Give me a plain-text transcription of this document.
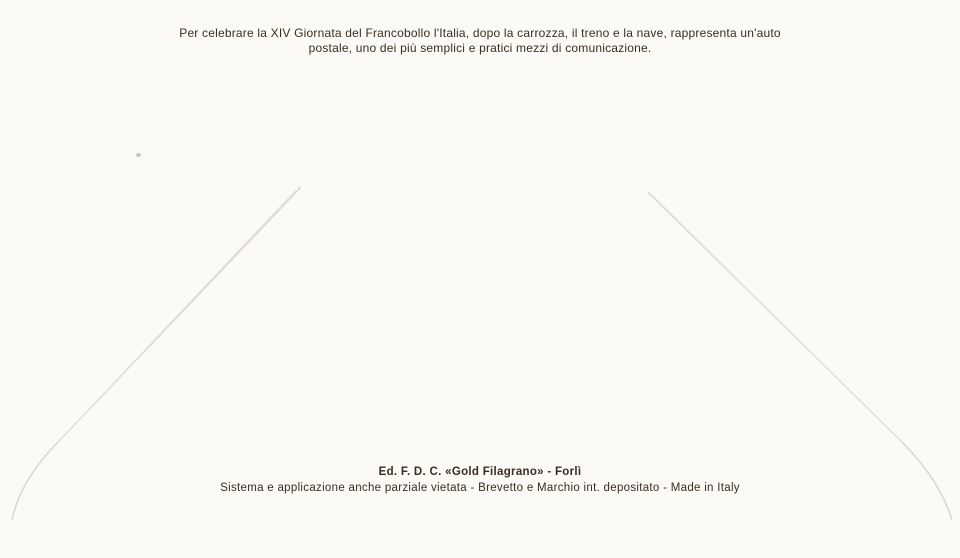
Per celebrare la XIV Giornata del Francobollo l'Italia, dopo la carrozza, il treno e la nave, rappresenta un'auto
postale, uno dei più semplici e pratici mezzi di comunicazione.
Ed. F. D. C. «Gold Filagrano» - Forlì
Sistema e applicazione anche parziale vietata - Brevetto e Marchio int. depositato - Made in Italy
